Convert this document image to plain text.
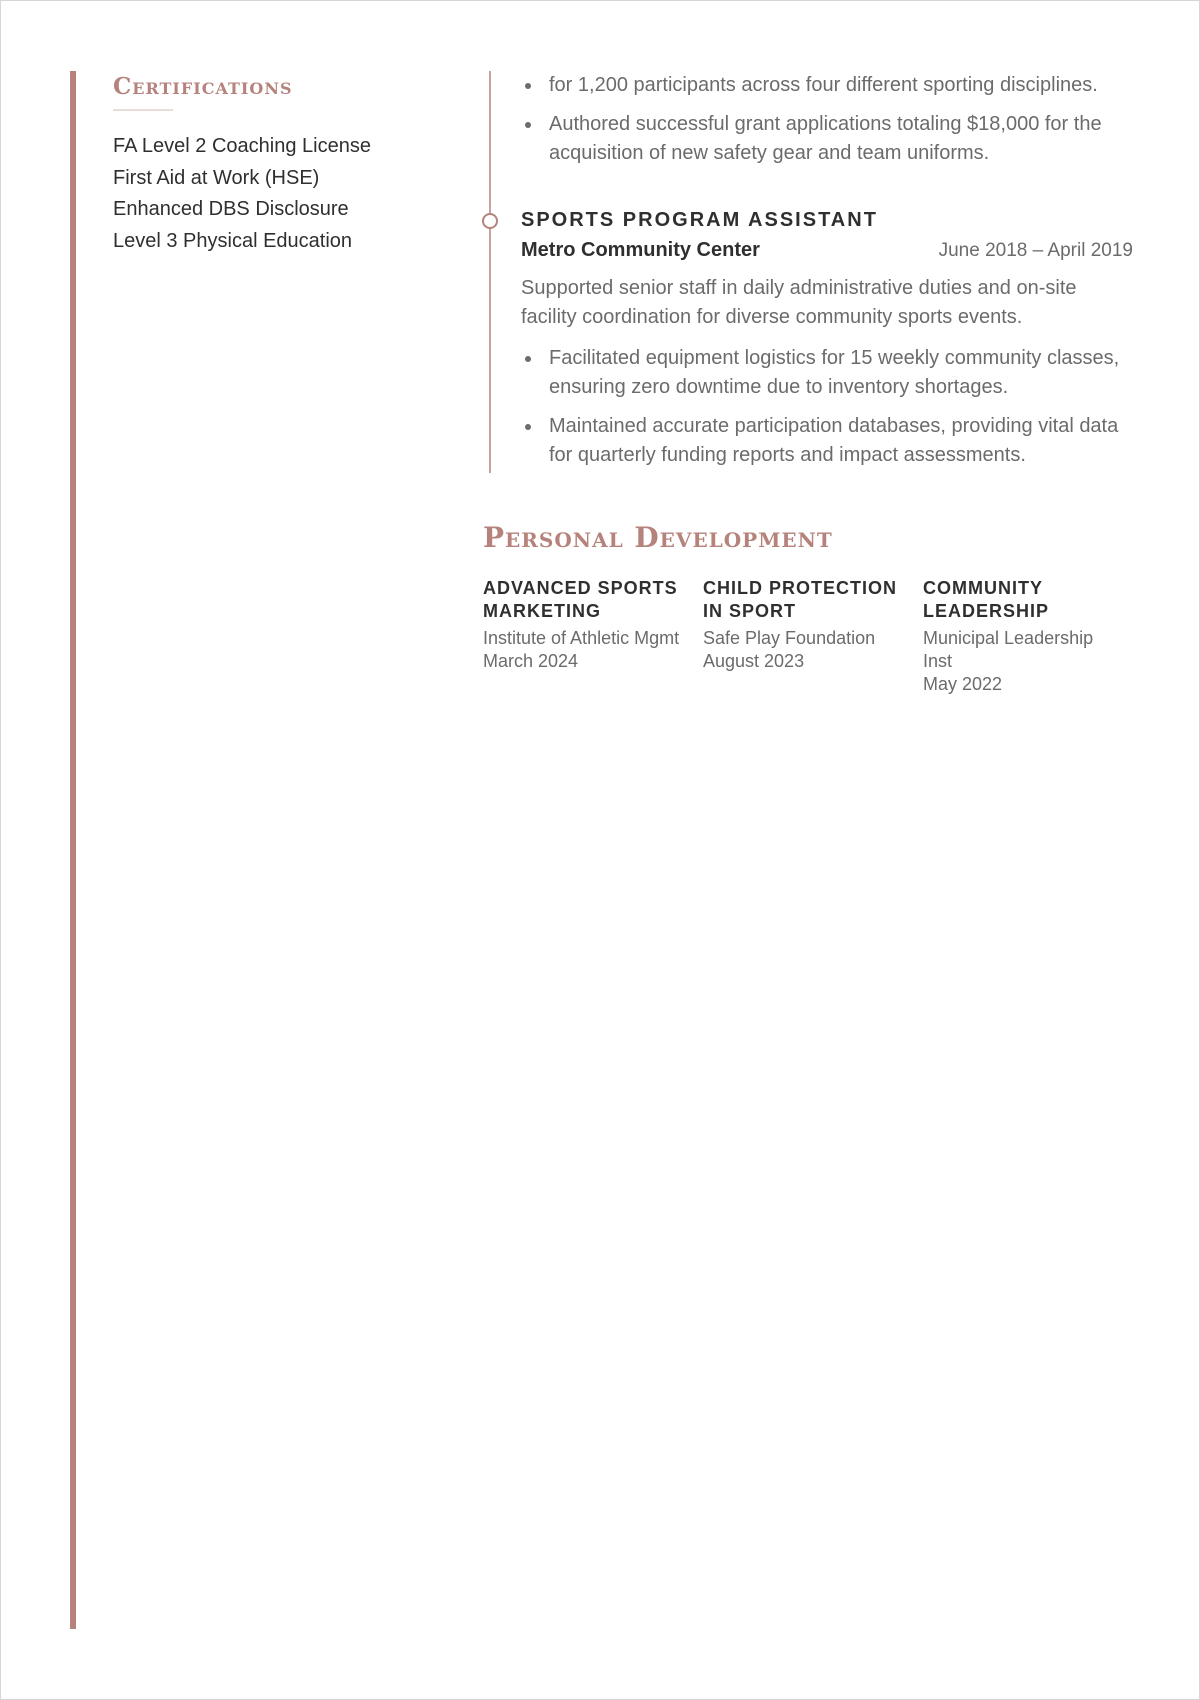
Certifications
FA Level 2 Coaching License
First Aid at Work (HSE)
Enhanced DBS Disclosure
Level 3 Physical Education
for 1,200 participants across four different sporting disciplines.
Authored successful grant applications totaling $18,000 for the acquisition of new safety gear and team uniforms.
SPORTS PROGRAM ASSISTANT
Metro Community Center	June 2018 – April 2019

Supported senior staff in daily administrative duties and on-site facility coordination for diverse community sports events.

Facilitated equipment logistics for 15 weekly community classes, ensuring zero downtime due to inventory shortages.
Maintained accurate participation databases, providing vital data for quarterly funding reports and impact assessments.
Personal Development
ADVANCED SPORTS MARKETING
Institute of Athletic Mgmt
March 2024
CHILD PROTECTION IN SPORT
Safe Play Foundation
August 2023
COMMUNITY LEADERSHIP
Municipal Leadership Inst
May 2022
